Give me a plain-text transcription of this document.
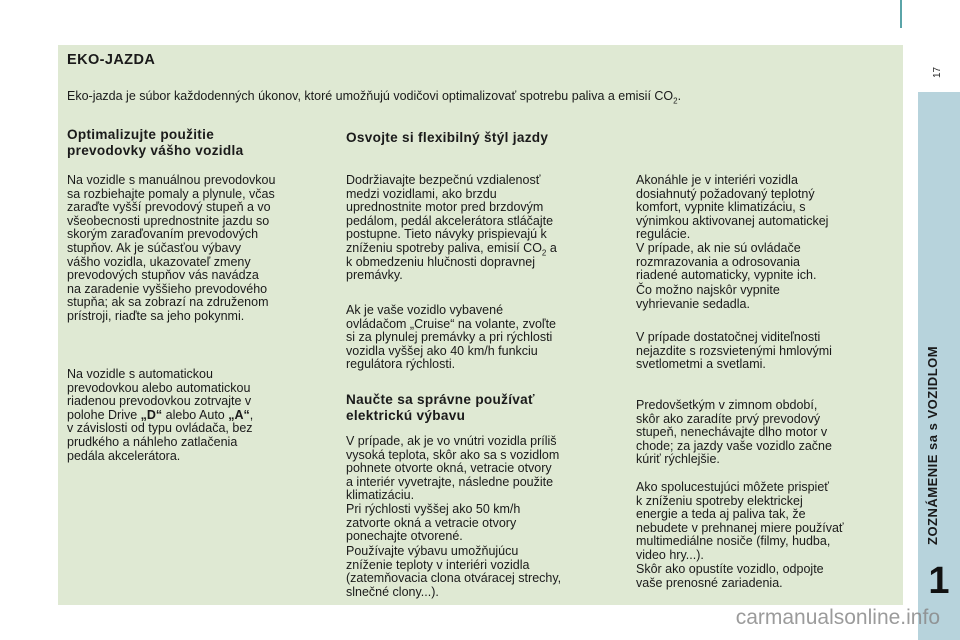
EKO-JAZDA
Eko-jazda je súbor každodenných úkonov, ktoré umožňujú vodičovi optimalizovať spotrebu paliva a emisií $CO_2$.
Optimalizujte použitie
prevodovky vášho vozidla
Na vozidle s manuálnou prevodovkou
sa rozbiehajte pomaly a plynule, včas
zaraďte vyšší prevodový stupeň a vo
všeobecnosti uprednostnite jazdu so
skorým zaraďovaním prevodových
stupňov. Ak je súčasťou výbavy
vášho vozidla, ukazovateľ zmeny
prevodových stupňov vás navádza
na zaradenie vyššieho prevodového
stupňa; ak sa zobrazí na združenom
prístroji, riaďte sa jeho pokynmi.
Na vozidle s automatickou
prevodovkou alebo automatickou
riadenou prevodovkou zotrvajte v
polohe Drive „D“ alebo Auto „A“,
v závislosti od typu ovládača, bez
prudkého a náhleho zatlačenia
pedála akcelerátora.
Osvojte si flexibilný štýl jazdy
Dodržiavajte bezpečnú vzdialenosť
medzi vozidlami, ako brzdu
uprednostnite motor pred brzdovým
pedálom, pedál akcelerátora stláčajte
postupne. Tieto návyky prispievajú k
zníženiu spotreby paliva, emisií $CO_2$ a
k obmedzeniu hlučnosti dopravnej
premávky.
Ak je vaše vozidlo vybavené
ovládačom „Cruise“ na volante, zvoľte
si za plynulej premávky a pri rýchlosti
vozidla vyššej ako 40 km/h funkciu
regulátora rýchlosti.
Naučte sa správne používať
elektrickú výbavu
V prípade, ak je vo vnútri vozidla príliš
vysoká teplota, skôr ako sa s vozidlom
pohnete otvorte okná, vetracie otvory
a interiér vyvetrajte, následne použite
klimatizáciu.
Pri rýchlosti vyššej ako 50 km/h
zatvorte okná a vetracie otvory
ponechajte otvorené.
Používajte výbavu umožňujúcu
zníženie teploty v interiéri vozidla
(zatemňovacia clona otváracej strechy,
slnečné clony...).
Akonáhle je v interiéri vozidla
dosiahnutý požadovaný teplotný
komfort, vypnite klimatizáciu, s
výnimkou aktivovanej automatickej
regulácie.
V prípade, ak nie sú ovládače
rozmrazovania a odrosovania
riadené automaticky, vypnite ich.
Čo možno najskôr vypnite
vyhrievanie sedadla.
V prípade dostatočnej viditeľnosti
nejazdite s rozsvietenými hmlovými
svetlometmi a svetlami.
Predovšetkým v zimnom období,
skôr ako zaradíte prvý prevodový
stupeň, nenechávajte dlho motor v
chode; za jazdy vaše vozidlo začne
kúriť rýchlejšie.
Ako spolucestujúci môžete prispieť
k zníženiu spotreby elektrickej
energie a teda aj paliva tak, že
nebudete v prehnanej miere používať
multimediálne nosiče (filmy, hudba,
video hry...).
Skôr ako opustíte vozidlo, odpojte
vaše prenosné zariadenia.
ZOZNÁMENIE sa s VOZIDLOM
1
17
carmanualsonline.info
